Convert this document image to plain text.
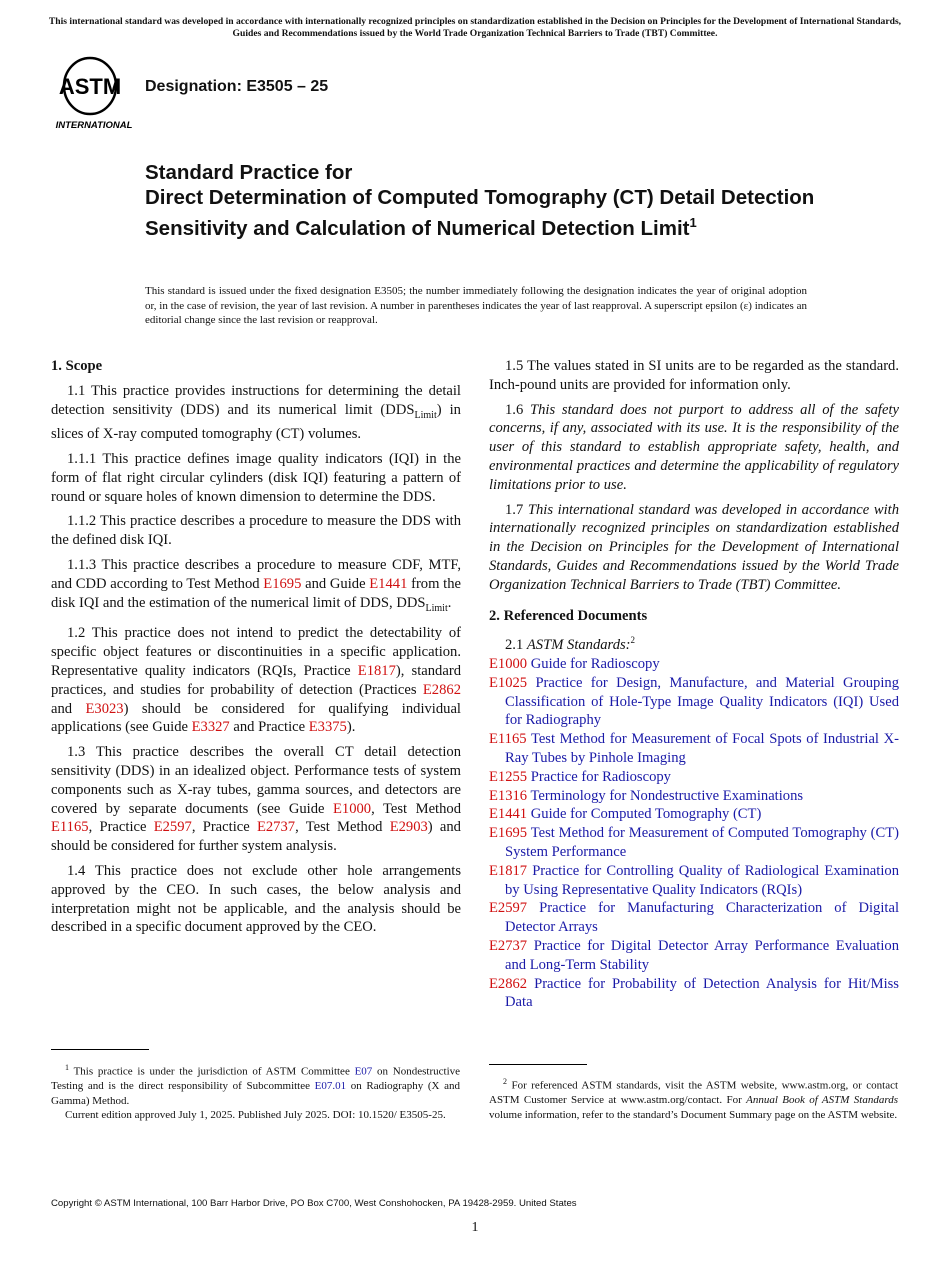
This international standard was developed in accordance with internationally recognized principles on standardization established in the Decision on Principles for the Development of International Standards, Guides and Recommendations issued by the World Trade Organization Technical Barriers to Trade (TBT) Committee.
ASTM
INTERNATIONAL
Designation: E3505 – 25
Standard Practice for
Direct Determination of Computed Tomography (CT) Detail Detection Sensitivity and Calculation of Numerical Detection Limit$^1$
This standard is issued under the fixed designation E3505; the number immediately following the designation indicates the year of original adoption or, in the case of revision, the year of last revision. A number in parentheses indicates the year of last reapproval. A superscript epsilon (ε) indicates an editorial change since the last revision or reapproval.
1. Scope

1.1 This practice provides instructions for determining the detail detection sensitivity (DDS) and its numerical limit $(DDS_{Limit})$ in slices of X-ray computed tomography (CT) volumes.

1.1.1 This practice defines image quality indicators (IQI) in the form of flat right circular cylinders (disk IQI) featuring a pattern of round or square holes of known dimension to determine the DDS.

1.1.2 This practice describes a procedure to measure the DDS with the defined disk IQI.

1.1.3 This practice describes a procedure to measure CDF, MTF, and CDD according to Test Method E1695 and Guide E1441 from the disk IQI and the estimation of the numerical limit of DDS, $DDS_{Limit}$.

1.2 This practice does not intend to predict the detectability of specific object features or discontinuities in a specific application. Representative quality indicators (RQIs, Practice E1817), standard practices, and studies for probability of detection (Practices E2862 and E3023) should be considered for qualifying individual applications (see Guide E3327 and Practice E3375).

1.3 This practice describes the overall CT detail detection sensitivity (DDS) in an idealized object. Performance tests of system components such as X-ray tubes, gamma sources, and detectors are covered by separate documents (see Guide E1000, Test Method E1165, Practice E2597, Practice E2737, Test Method E2903) and should be considered for further system analysis.

1.4 This practice does not exclude other hole arrangements approved by the CEO. In such cases, the below analysis and interpretation might not be applicable, and the analysis should be described in a specific document approved by the CEO.

1.5 The values stated in SI units are to be regarded as the standard. Inch-pound units are provided for information only.

1.6 This standard does not purport to address all of the safety concerns, if any, associated with its use. It is the responsibility of the user of this standard to establish appropriate safety, health, and environmental practices and determine the applicability of regulatory limitations prior to use.

1.7 This international standard was developed in accordance with internationally recognized principles on standardization established in the Decision on Principles for the Development of International Standards, Guides and Recommendations issued by the World Trade Organization Technical Barriers to Trade (TBT) Committee.

2. Referenced Documents

2.1 ASTM Standards:$^2$

E1000 Guide for Radioscopy
E1025 Practice for Design, Manufacture, and Material Grouping Classification of Hole-Type Image Quality Indicators (IQI) Used for Radiography
E1165 Test Method for Measurement of Focal Spots of Industrial X-Ray Tubes by Pinhole Imaging
E1255 Practice for Radioscopy
E1316 Terminology for Nondestructive Examinations
E1441 Guide for Computed Tomography (CT)
E1695 Test Method for Measurement of Computed Tomography (CT) System Performance
E1817 Practice for Controlling Quality of Radiological Examination by Using Representative Quality Indicators (RQIs)
E2597 Practice for Manufacturing Characterization of Digital Detector Arrays
E2737 Practice for Digital Detector Array Performance Evaluation and Long-Term Stability
E2862 Practice for Probability of Detection Analysis for Hit/Miss Data

$^1$ This practice is under the jurisdiction of ASTM Committee E07 on Nondestructive Testing and is the direct responsibility of Subcommittee E07.01 on Radiography (X and Gamma) Method.

Current edition approved July 1, 2025. Published July 2025. DOI: 10.1520/ E3505-25.

$^2$ For referenced ASTM standards, visit the ASTM website, www.astm.org, or contact ASTM Customer Service at www.astm.org/contact. For Annual Book of ASTM Standards volume information, refer to the standard’s Document Summary page on the ASTM website.

Copyright © ASTM International, 100 Barr Harbor Drive, PO Box C700, West Conshohocken, PA 19428-2959. United States
1
